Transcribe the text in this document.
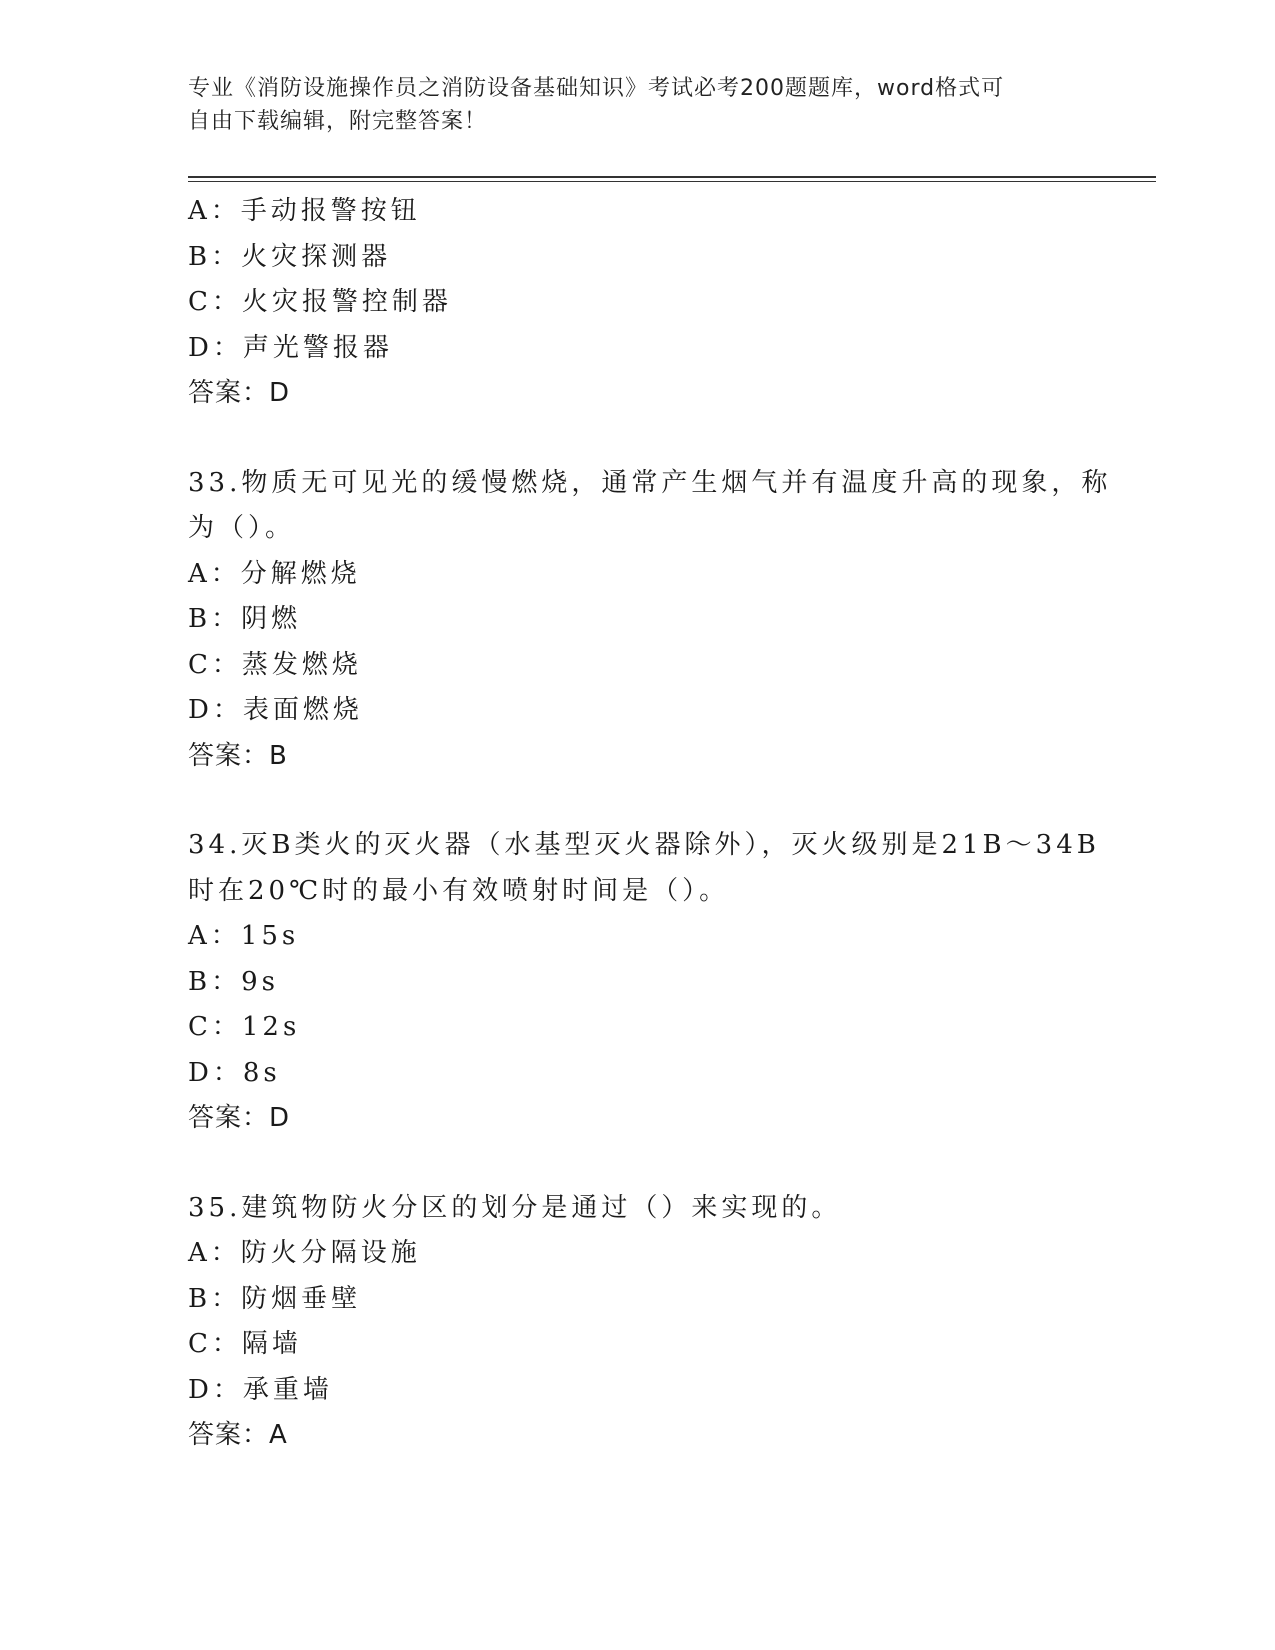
专业《消防设施操作员之消防设备基础知识》考试必考200题题库，word格式可
自由下载编辑，附完整答案！
A：手动报警按钮
B：火灾探测器
C：火灾报警控制器
D：声光警报器
答案：D
33.物质无可见光的缓慢燃烧，通常产生烟气并有温度升高的现象，称
为（）。
A：分解燃烧
B：阴燃
C：蒸发燃烧
D：表面燃烧
答案：B
34.灭B类火的灭火器（水基型灭火器除外），灭火级别是21B～34B
时在20℃时的最小有效喷射时间是（）。
A：15s
B：9s
C：12s
D：8s
答案：D
35.建筑物防火分区的划分是通过（）来实现的。
A：防火分隔设施
B：防烟垂壁
C：隔墙
D：承重墙
答案：A
